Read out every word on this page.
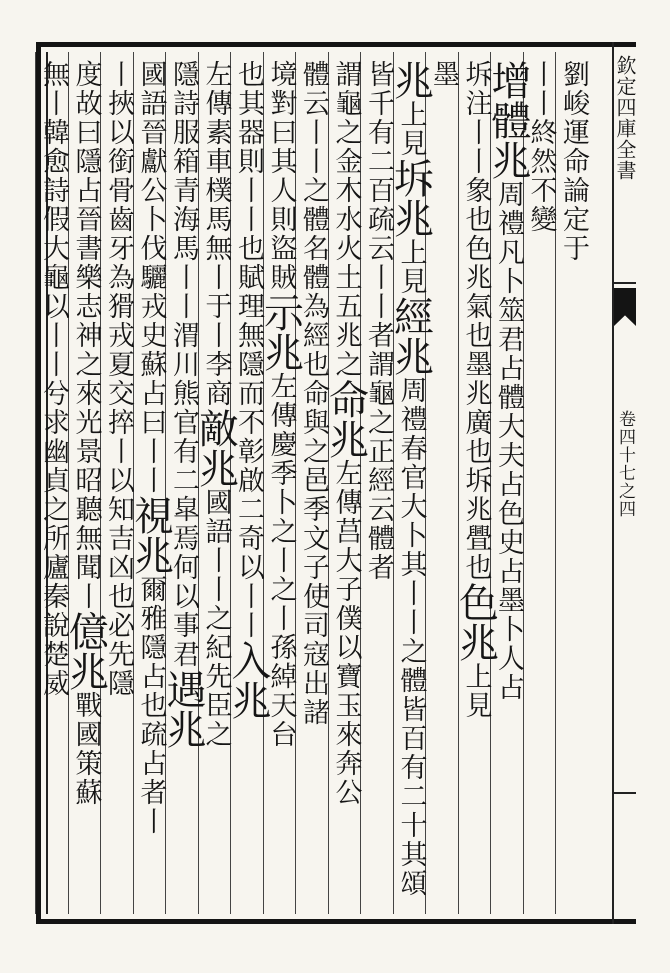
欽定四庫全書
卷四十七之四
劉峻運命論定于
丨丨終然不變
增體兆周禮凡卜筮君占體大夫占色史占墨卜人占
坼注丨丨象也色兆氣也墨兆廣也坼兆舋也色兆上見
墨
兆上見坼兆上見經兆周禮春官大卜其丨丨之體皆百有二十其頌
皆千有二百疏云丨丨者謂龜之正經云體者
謂龜之金木水火土五兆之命兆左傳莒大子僕以寶玉來奔公
體云丨丨之體名體為經也命與之邑季文子使司寇出諸
境對曰其人則盜賊示兆左傳慶季卜之丨之丨孫綽天台
也其器則丨丨也賦理無隱而不彰啟二奇以丨丨入兆
左傳素車樸馬無丨于丨李商敵兆國語丨丨之紀先臣之
隱詩服箱青海馬丨丨渭川熊官有二皐焉何以事君遇兆
國語晉獻公卜伐驪戎史蘇占曰丨丨視兆爾雅隱占也疏占者丨
丨挾以銜骨齒牙為猾戎夏交捽丨以知吉凶也必先隱
度故曰隱占晉書樂志神之來光景昭聽無聞丨億兆戰國策蘇
無丨韓愈詩假大龜以丨丨兮求幽貞之所廬秦說楚威
